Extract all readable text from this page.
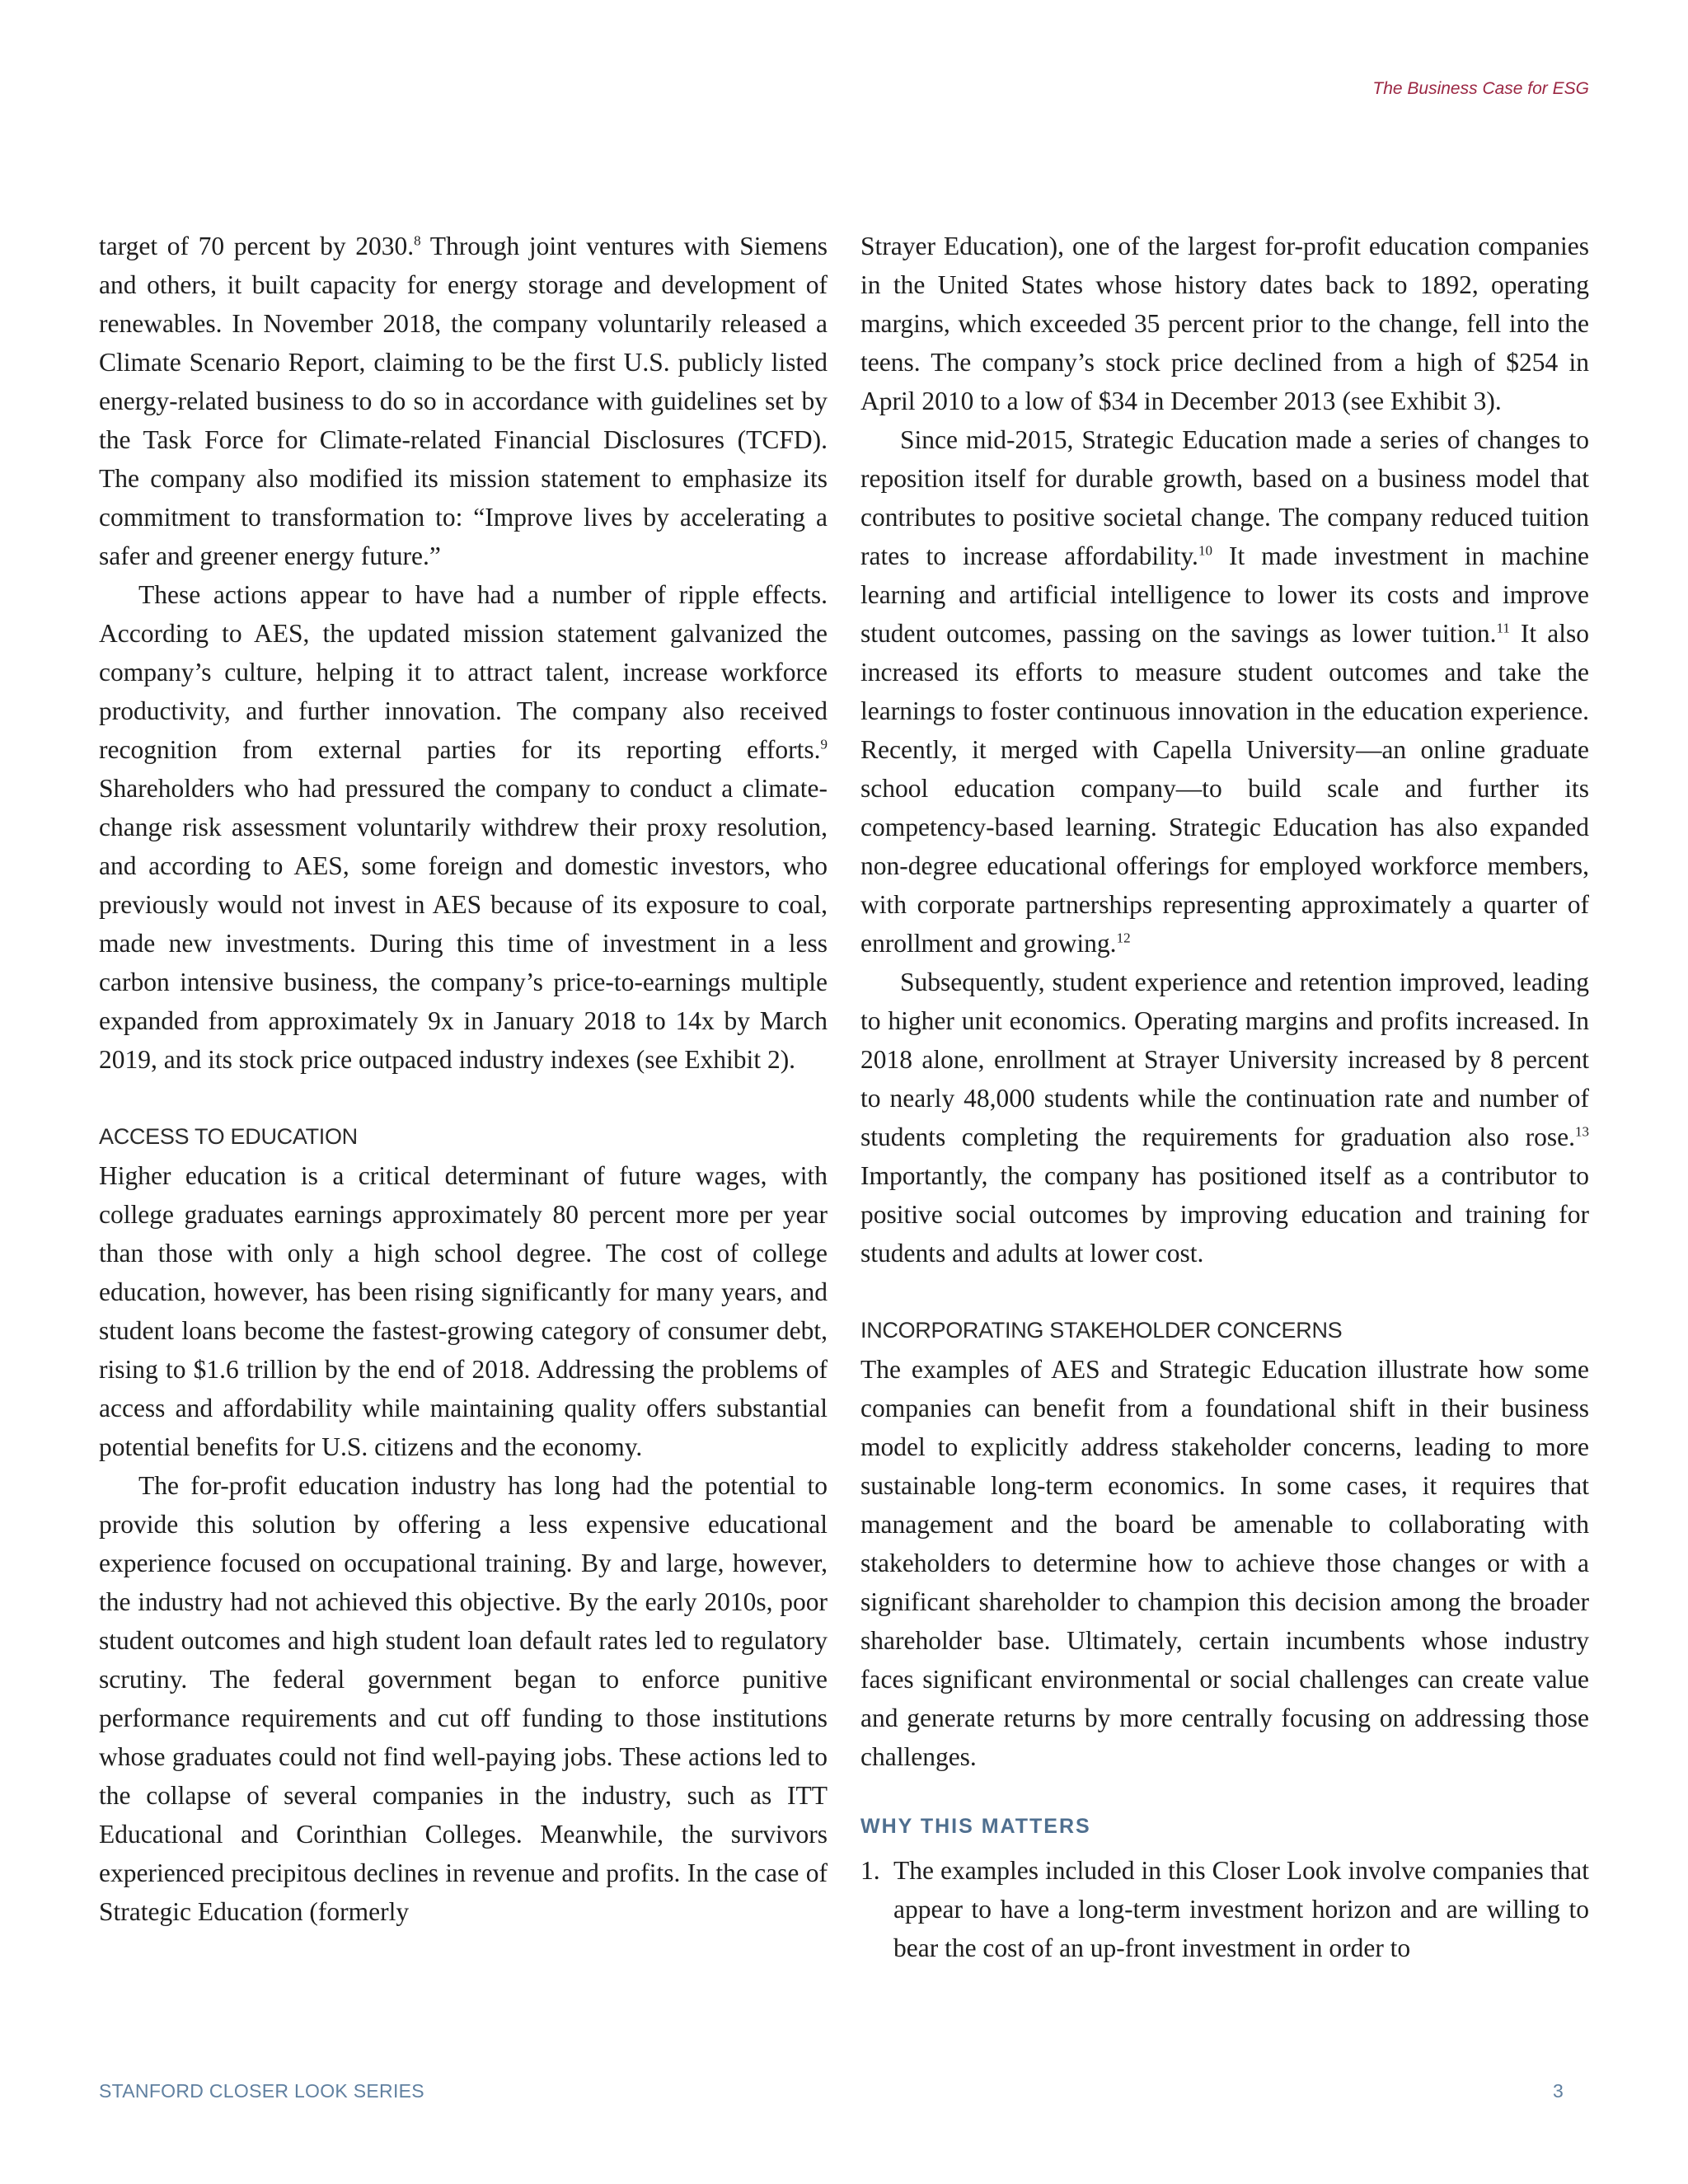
The Business Case for ESG

target of 70 percent by 2030.$^8$ Through joint ventures with Siemens and others, it built capacity for energy storage and development of renewables. In November 2018, the company voluntarily released a Climate Scenario Report, claiming to be the first U.S. publicly listed energy-related business to do so in accordance with guidelines set by the Task Force for Climate-related Financial Disclosures (TCFD). The company also modified its mission statement to emphasize its commitment to transformation to: “Improve lives by accelerating a safer and greener energy future.”

These actions appear to have had a number of ripple effects. According to AES, the updated mission statement galvanized the company’s culture, helping it to attract talent, increase workforce productivity, and further innovation. The company also received recognition from external parties for its reporting efforts.$^9$ Shareholders who had pressured the company to conduct a climate-change risk assessment voluntarily withdrew their proxy resolution, and according to AES, some foreign and domestic investors, who previously would not invest in AES because of its exposure to coal, made new investments. During this time of investment in a less carbon intensive business, the company’s price-to-earnings multiple expanded from approximately 9x in January 2018 to 14x by March 2019, and its stock price outpaced industry indexes (see Exhibit 2).

ACCESS TO EDUCATION

Higher education is a critical determinant of future wages, with college graduates earnings approximately 80 percent more per year than those with only a high school degree. The cost of college education, however, has been rising significantly for many years, and student loans become the fastest-growing category of consumer debt, rising to $1.6 trillion by the end of 2018. Addressing the problems of access and affordability while maintaining quality offers substantial potential benefits for U.S. citizens and the economy.

The for-profit education industry has long had the potential to provide this solution by offering a less expensive educational experience focused on occupational training. By and large, however, the industry had not achieved this objective. By the early 2010s, poor student outcomes and high student loan default rates led to regulatory scrutiny. The federal government began to enforce punitive performance requirements and cut off funding to those institutions whose graduates could not find well-paying jobs. These actions led to the collapse of several companies in the industry, such as ITT Educational and Corinthian Colleges. Meanwhile, the survivors experienced precipitous declines in revenue and profits. In the case of Strategic Education (formerly

Strayer Education), one of the largest for-profit education companies in the United States whose history dates back to 1892, operating margins, which exceeded 35 percent prior to the change, fell into the teens. The company’s stock price declined from a high of $254 in April 2010 to a low of $34 in December 2013 (see Exhibit 3).

Since mid-2015, Strategic Education made a series of changes to reposition itself for durable growth, based on a business model that contributes to positive societal change. The company reduced tuition rates to increase affordability.$^{10}$ It made investment in machine learning and artificial intelligence to lower its costs and improve student outcomes, passing on the savings as lower tuition.$^{11}$ It also increased its efforts to measure student outcomes and take the learnings to foster continuous innovation in the education experience. Recently, it merged with Capella University—an online graduate school education company—to build scale and further its competency-based learning. Strategic Education has also expanded non-degree educational offerings for employed workforce members, with corporate partnerships representing approximately a quarter of enrollment and growing.$^{12}$

Subsequently, student experience and retention improved, leading to higher unit economics. Operating margins and profits increased. In 2018 alone, enrollment at Strayer University increased by 8 percent to nearly 48,000 students while the continuation rate and number of students completing the requirements for graduation also rose.$^{13}$ Importantly, the company has positioned itself as a contributor to positive social outcomes by improving education and training for students and adults at lower cost.

INCORPORATING STAKEHOLDER CONCERNS

The examples of AES and Strategic Education illustrate how some companies can benefit from a foundational shift in their business model to explicitly address stakeholder concerns, leading to more sustainable long-term economics. In some cases, it requires that management and the board be amenable to collaborating with stakeholders to determine how to achieve those changes or with a significant shareholder to champion this decision among the broader shareholder base. Ultimately, certain incumbents whose industry faces significant environmental or social challenges can create value and generate returns by more centrally focusing on addressing those challenges.

WHY THIS MATTERS
1. The examples included in this Closer Look involve companies that appear to have a long-term investment horizon and are willing to bear the cost of an up-front investment in order to
STANFORD CLOSER LOOK SERIES	3
